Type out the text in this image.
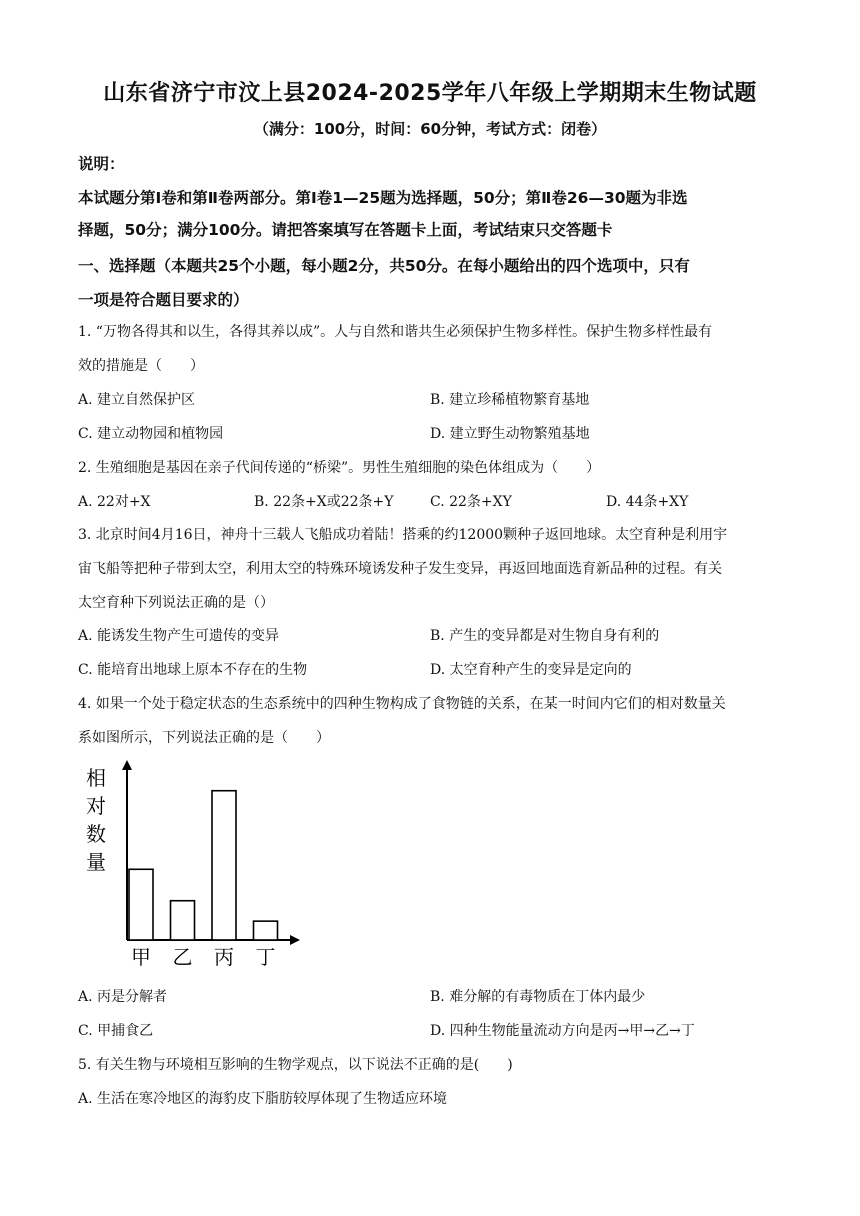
山东省济宁市汶上县2024-2025学年八年级上学期期末生物试题
（满分：100分，时间：60分钟，考试方式：闭卷）
说明：
本试题分第Ⅰ卷和第Ⅱ卷两部分。第Ⅰ卷1—25题为选择题，50分；第Ⅱ卷26—30题为非选
择题，50分；满分100分。请把答案填写在答题卡上面，考试结束只交答题卡
一、选择题（本题共25个小题，每小题2分，共50分。在每小题给出的四个选项中，只有
一项是符合题目要求的）
1. “万物各得其和以生，各得其养以成”。人与自然和谐共生必须保护生物多样性。保护生物多样性最有
效的措施是（　　）
A. 建立自然保护区	B. 建立珍稀植物繁育基地
C. 建立动物园和植物园	D. 建立野生动物繁殖基地
2. 生殖细胞是基因在亲子代间传递的“桥梁”。男性生殖细胞的染色体组成为（　　）
A. 22对+X	B. 22条+X或22条+Y	C. 22条+XY	D. 44条+XY
3. 北京时间4月16日，神舟十三载人飞船成功着陆！搭乘的约12000颗种子返回地球。太空育种是利用宇
宙飞船等把种子带到太空，利用太空的特殊环境诱发种子发生变异，再返回地面选育新品种的过程。有关
太空育种下列说法正确的是（）
A. 能诱发生物产生可遗传的变异	B. 产生的变异都是对生物自身有利的
C. 能培育出地球上原本不存在的生物	D. 太空育种产生的变异是定向的
4. 如果一个处于稳定状态的生态系统中的四种生物构成了食物链的关系，在某一时间内它们的相对数量关
系如图所示，下列说法正确的是（　　）
相
对
数
量
甲 乙 丙 丁
A. 丙是分解者	B. 难分解的有毒物质在丁体内最少
C. 甲捕食乙	D. 四种生物能量流动方向是丙→甲→乙→丁
5. 有关生物与环境相互影响的生物学观点，以下说法不正确的是(　　)
A. 生活在寒冷地区的海豹皮下脂肪较厚体现了生物适应环境
